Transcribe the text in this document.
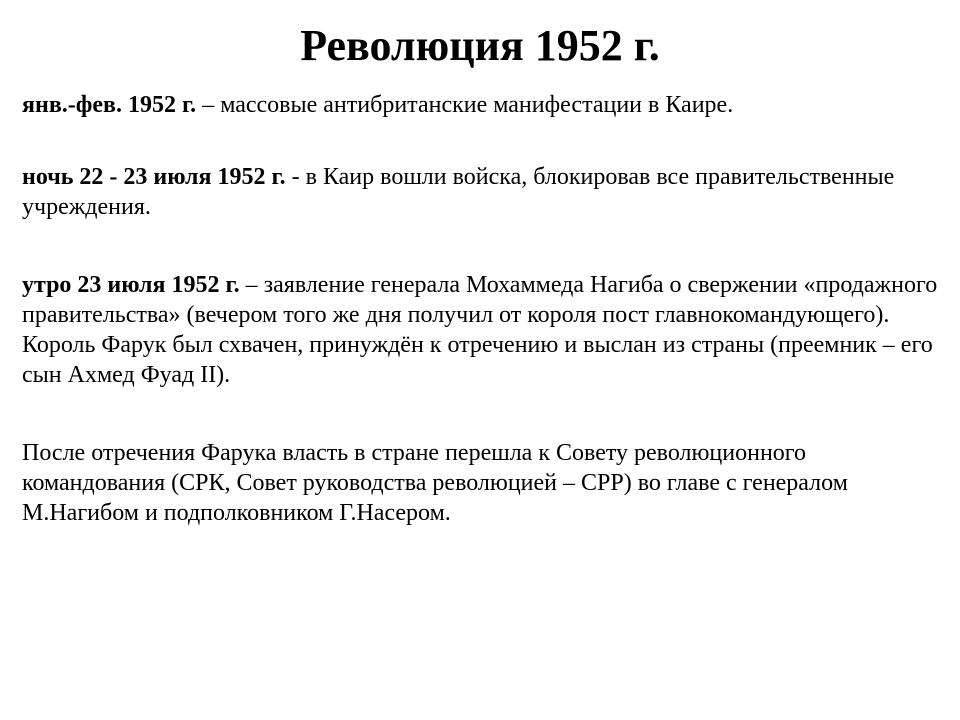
Революция 1952 г.

янв.-фев. 1952 г. – массовые антибританские манифестации в Каире.

ночь 22 - 23 июля 1952 г. - в Каир вошли войска, блокировав все правительственные учреждения.

утро 23 июля 1952 г. – заявление генерала Мохаммеда Нагиба о свержении «продажного правительства» (вечером того же дня получил от короля пост главнокомандующего). Король Фарук был схвачен, принуждён к отречению и выслан из страны (преемник – его сын Ахмед Фуад II).

После отречения Фарука власть в стране перешла к Совету революционного командования (СРК, Совет руководства революцией – СРР) во главе с генералом М.Нагибом и подполковником Г.Насером.
